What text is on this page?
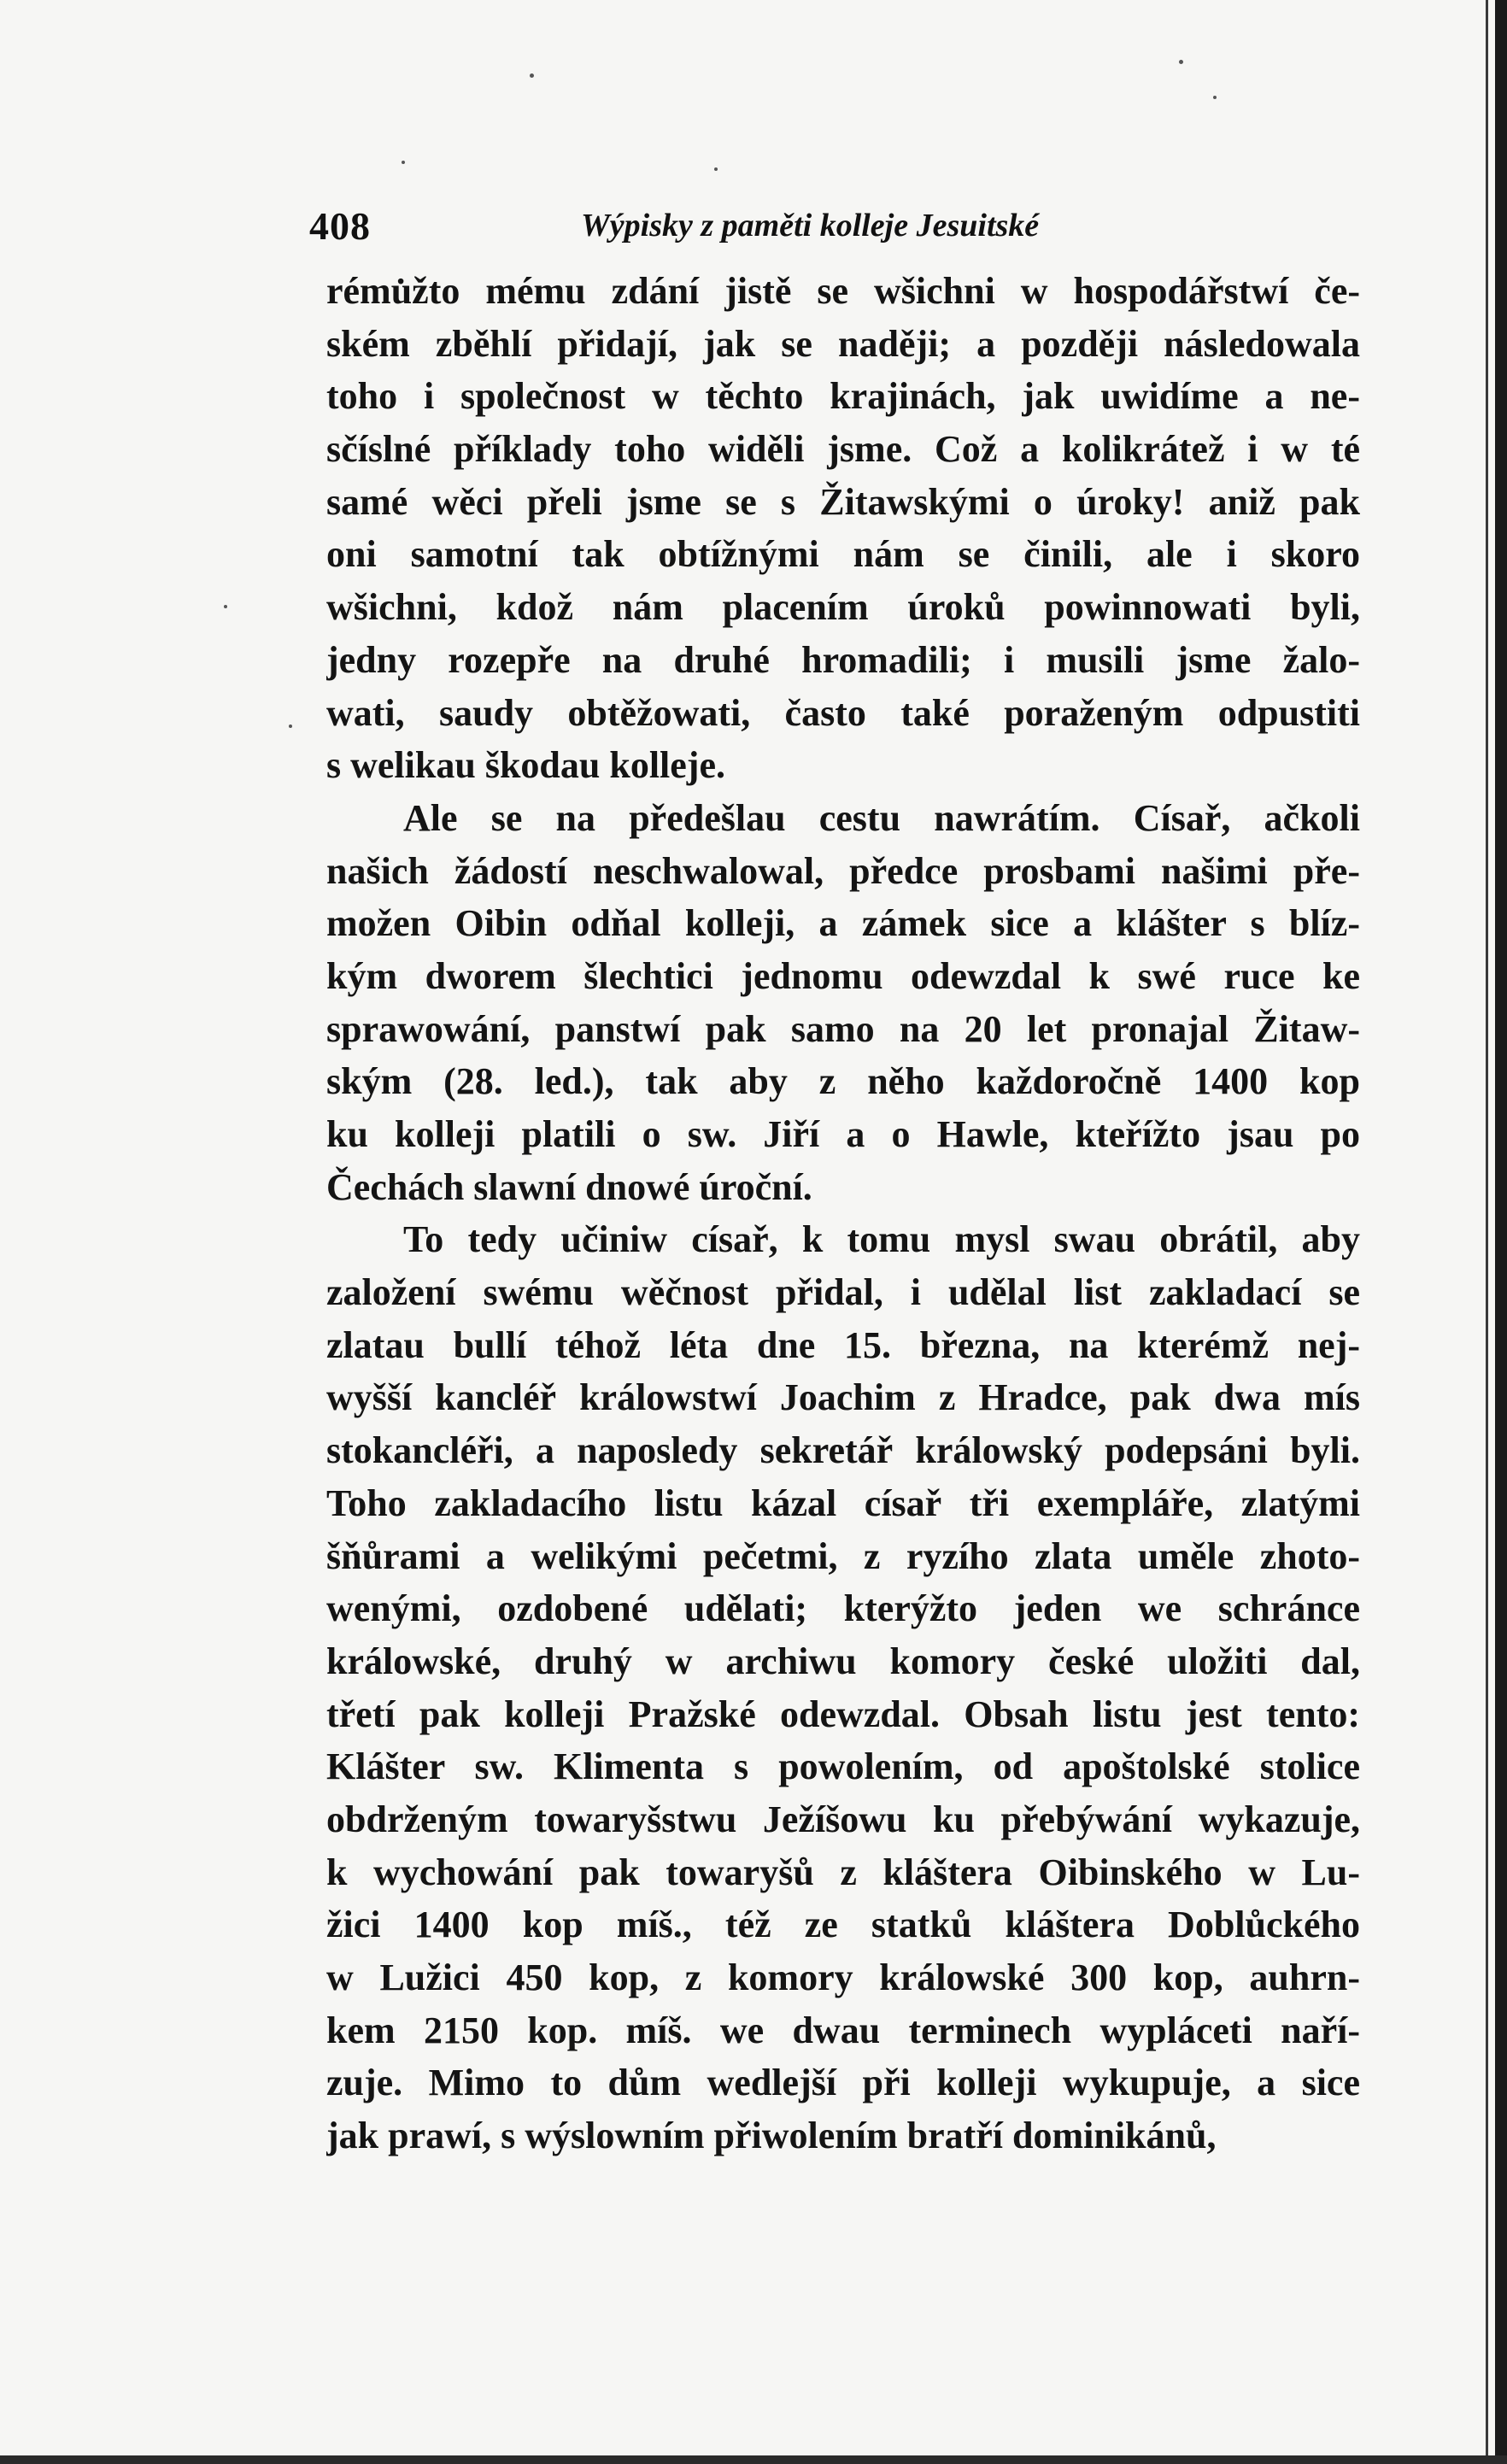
408	Wýpisky z paměti kolleje Jesuitské
rému̇žto mému zdání jistě se wšichni w hospodářstwí če-
ském zběhlí přidají, jak se naději; a později následowala
toho i společnost w těchto krajinách, jak uwidíme a ne-
sčíslné příklady toho widěli jsme. Což a kolikrátež i w té
samé wěci přeli jsme se s Žitawskými o úroky! aniž pak
oni samotní tak obtížnými nám se činili, ale i skoro
wšichni, kdož nám placením úroků powinnowati byli,
jedny rozepře na druhé hromadili; i musili jsme žalo-
wati, saudy obtěžowati, často také poraženým odpustiti
s welikau škodau kolleje.
Ale se na předešlau cestu nawrátím. Císař, ačkoli
našich žádostí neschwalowal, předce prosbami našimi pře-
možen Oibin odňal kolleji, a zámek sice a klášter s blíz-
kým dworem šlechtici jednomu odewzdal k swé ruce ke
sprawowání, panstwí pak samo na 20 let pronajal Žitaw-
ským (28. led.), tak aby z něho každoročně 1400 kop
ku kolleji platili o sw. Jiří a o Hawle, kteřížto jsau po
Čechách slawní dnowé úroční.
To tedy učiniw císař, k tomu mysl swau obrátil, aby
založení swému wěčnost přidal, i udělal list zakladací se
zlatau bullí téhož léta dne 15. března, na kterémž nej-
wyšší kancléř králowstwí Joachim z Hradce, pak dwa mís
stokancléři, a naposledy sekretář králowský podepsáni byli.
Toho zakladacího listu kázal císař tři exempláře, zlatými
šňůrami a welikými pečetmi, z ryzího zlata uměle zhoto-
wenými, ozdobené udělati; kterýžto jeden we schránce
králowské, druhý w archiwu komory české uložiti dal,
třetí pak kolleji Pražské odewzdal. Obsah listu jest tento:
Klášter sw. Klimenta s powolením, od apoštolské stolice
obdrženým towaryšstwu Ježíšowu ku přebýwání wykazuje,
k wychowání pak towaryšů z kláštera Oibinského w Lu-
žici 1400 kop míš., též ze statků kláštera Doblůckého
w Lužici 450 kop, z komory králowské 300 kop, auhrn-
kem 2150 kop. míš. we dwau terminech wypláceti naří-
zuje. Mimo to dům wedlejší při kolleji wykupuje, a sice
jak prawí, s wýslowním přiwolením bratří dominikánů,
